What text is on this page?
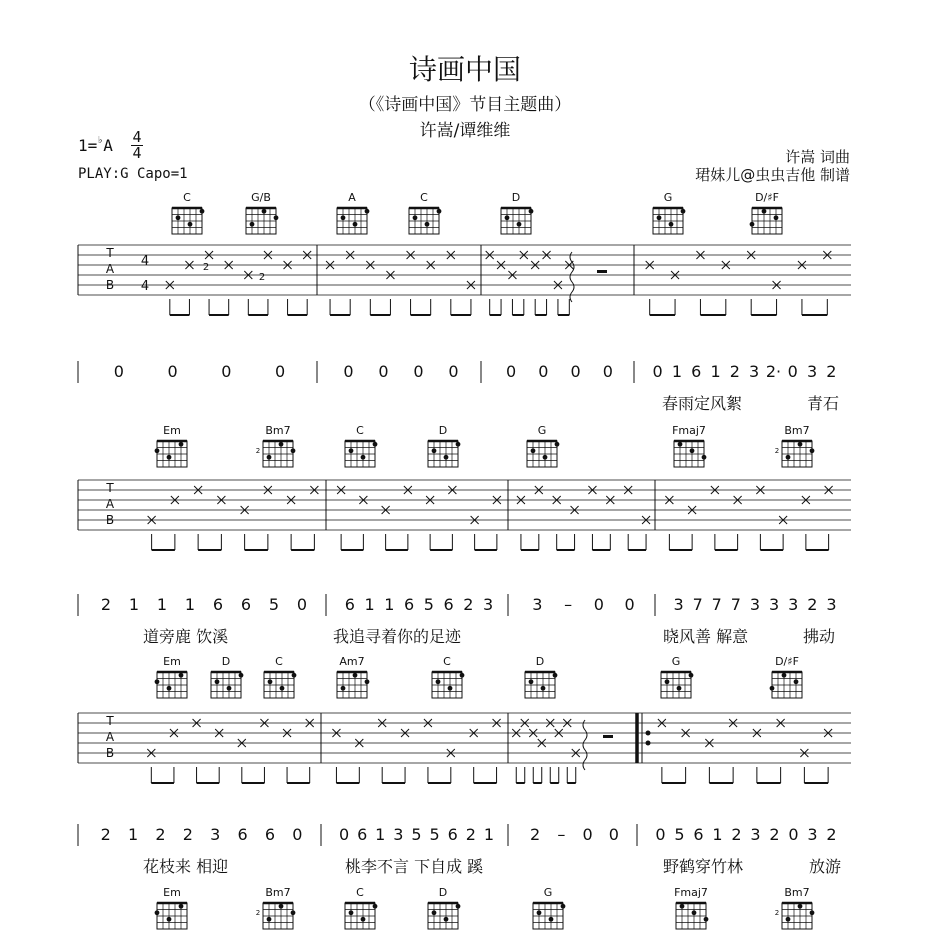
诗画中国
（《诗画中国》节目主题曲）
许嵩/谭维维
1=♭A 4
4
PLAY:G Capo=1
许嵩 词曲
珺妹儿@虫虫吉他 制谱
C	G/B	A	C	D	G	D/♯F
T
A
B
4
4
2
2
0	0	0	0	0 0 0 0	0 0 0 0 0 1 6 1 2 3 2· 0 3 2
春雨定风絮	青石
Em	Bm7
2
C	D	G	Fmaj7	Bm7
2
T
A
B
2 1 1 1 6 6 5 0 6 1 1 6 5 6 2 3 3 – 0 0 3 7 7 7 3 3 3 2 3
道旁鹿 饮溪	我追寻着你的足迹	晓风善 解意	拂动
Em	D	C	Am7	C	D	G	D/♯F
T
A
B
2 1 2 2 3 6 6 0 0 6 1 3 5 5 6 2 1 2 – 0 0 0 5 6 1 2 3 2 0 3 2
花枝来 相迎	桃李不言 下自成 蹊	野鹤穿竹林	放游
Em	Bm7
2
C	D	G	Fmaj7	Bm7
2
